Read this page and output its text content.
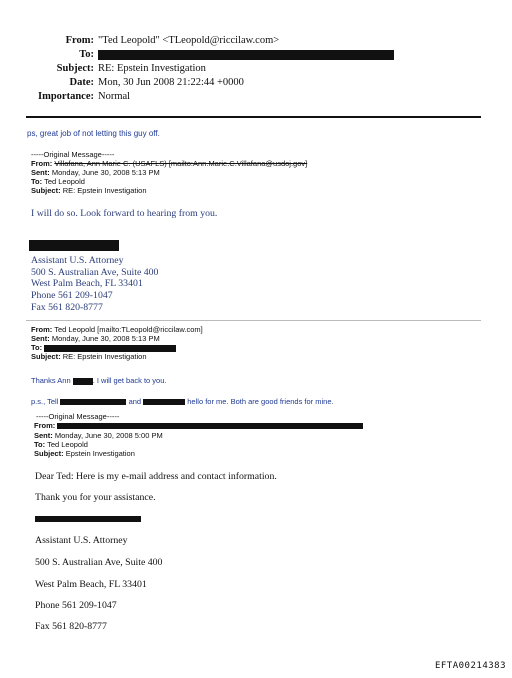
From: "Ted Leopold" <TLeopold@riccilaw.com>
To:
Subject: RE: Epstein Investigation
Date: Mon, 30 Jun 2008 21:22:44 +0000
Importance: Normal
ps, great job of not letting this guy off.
-----Original Message-----
From: Villafana, Ann Marie C. (USAFLS) [mailto:Ann.Marie.C.Villafana@usdoj.gov]
Sent: Monday, June 30, 2008 5:13 PM
To: Ted Leopold
Subject: RE: Epstein Investigation
I will do so. Look forward to hearing from you.
Assistant U.S. Attorney
500 S. Australian Ave, Suite 400
West Palm Beach, FL 33401
Phone 561 209-1047
Fax 561 820-8777
From: Ted Leopold [mailto:TLeopold@riccilaw.com]
Sent: Monday, June 30, 2008 5:13 PM
To:
Subject: RE: Epstein Investigation
Thanks Ann	. I will get back to you.
p.s., Tell	and	hello for me. Both are good friends for mine.
-----Original Message-----
From:
Sent: Monday, June 30, 2008 5:00 PM
To: Ted Leopold
Subject: Epstein Investigation
Dear Ted: Here is my e-mail address and contact information.
Thank you for your assistance.
Assistant U.S. Attorney
500 S. Australian Ave, Suite 400
West Palm Beach, FL 33401
Phone 561 209-1047
Fax 561 820-8777
EFTA00214383
